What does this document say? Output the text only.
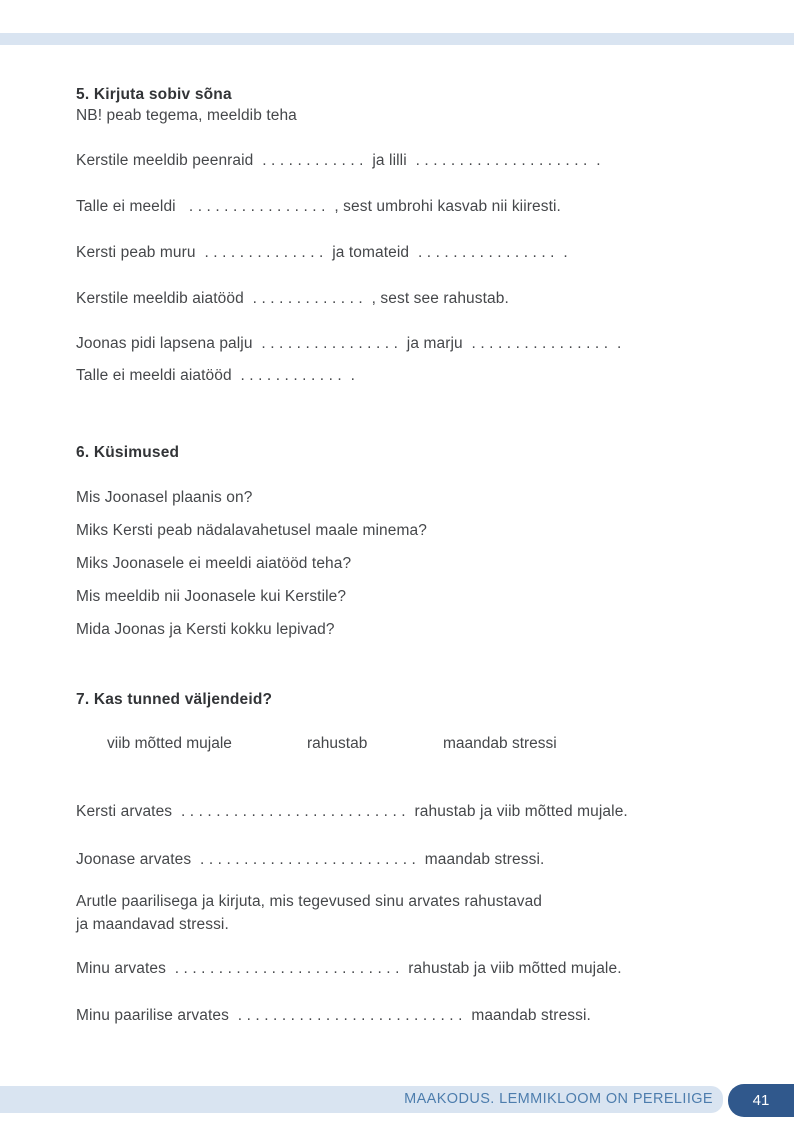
5. Kirjuta sobiv sõna

NB! peab tegema, meeldib teha

Kerstile meeldib peenraid  . . . . . . . . . . . .  ja lilli  . . . . . . . . . . . . . . . . . . . .  .

Talle ei meeldi   . . . . . . . . . . . . . . . .  , sest umbrohi kasvab nii kiiresti.

Kersti peab muru  . . . . . . . . . . . . . .  ja tomateid  . . . . . . . . . . . . . . . .  .

Kerstile meeldib aiatööd  . . . . . . . . . . . . .  , sest see rahustab.

Joonas pidi lapsena palju  . . . . . . . . . . . . . . . .  ja marju  . . . . . . . . . . . . . . . .  .

Talle ei meeldi aiatööd  . . . . . . . . . . . .  .

6. Küsimused

Mis Joonasel plaanis on?

Miks Kersti peab nädalavahetusel maale minema?

Miks Joonasele ei meeldi aiatööd teha?

Mis meeldib nii Joonasele kui Kerstile?

Mida Joonas ja Kersti kokku lepivad?

7. Kas tunned väljendeid?

viib mõtted mujale	rahustab	maandab stressi

Kersti arvates  . . . . . . . . . . . . . . . . . . . . . . . . . .  rahustab ja viib mõtted mujale.

Joonase arvates  . . . . . . . . . . . . . . . . . . . . . . . . .  maandab stressi.

Arutle paarilisega ja kirjuta, mis tegevused sinu arvates rahustavad

ja maandavad stressi.

Minu arvates  . . . . . . . . . . . . . . . . . . . . . . . . . .  rahustab ja viib mõtted mujale.

Minu paarilise arvates  . . . . . . . . . . . . . . . . . . . . . . . . . .  maandab stressi.

MAAKODUS. LEMMIKLOOM ON PERELIIGE	41
